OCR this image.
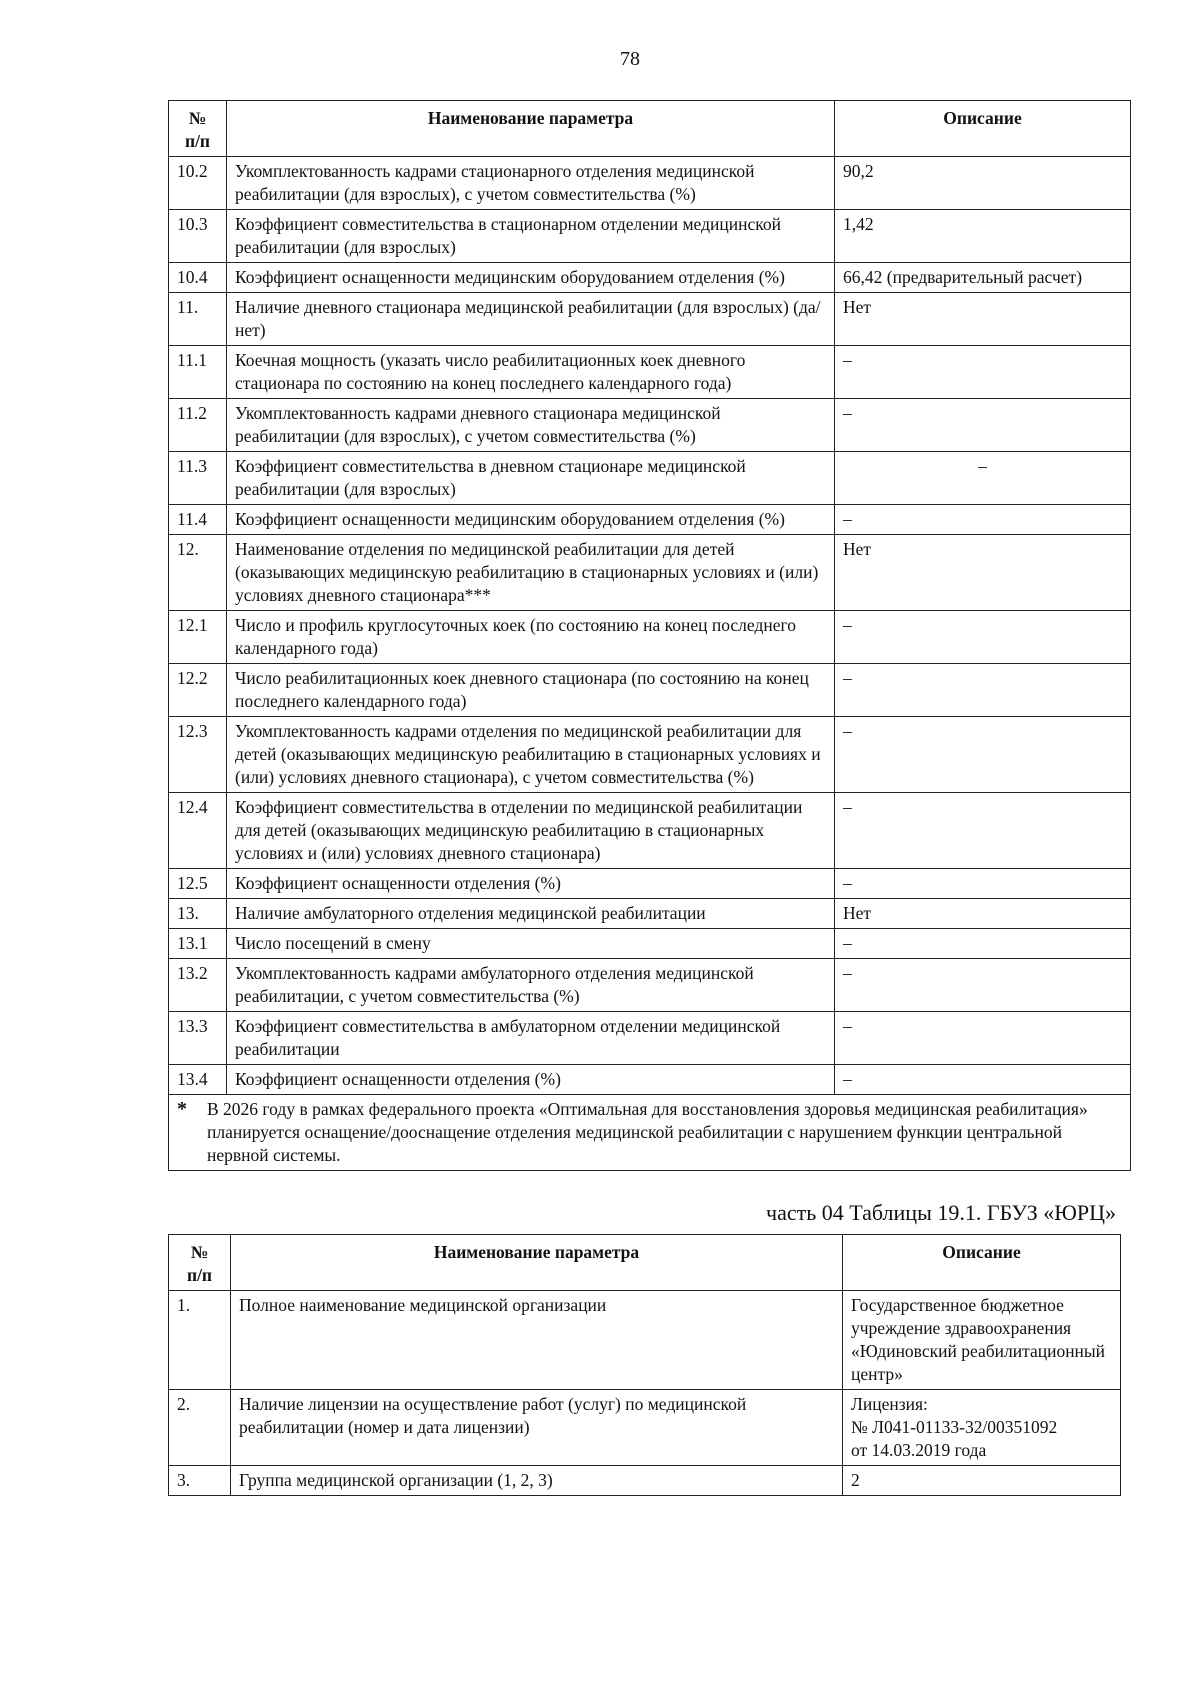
78
№
п/п	Наименование параметра	Описание
10.2	Укомплектованность кадрами стационарного отделения медицинской реабилитации (для взрослых), с учетом совместительства (%)	90,2
10.3	Коэффициент совместительства в стационарном отделении медицинской реабилитации (для взрослых)	1,42
10.4	Коэффициент оснащенности медицинским оборудованием отделения (%)	66,42 (предварительный расчет)
11.	Наличие дневного стационара медицинской реабилитации (для взрослых) (да/нет)	Нет
11.1	Коечная мощность (указать число реабилитационных коек дневного стационара по состоянию на конец последнего календарного года)	–
11.2	Укомплектованность кадрами дневного стационара медицинской реабилитации (для взрослых), с учетом совместительства (%)	–
11.3	Коэффициент совместительства в дневном стационаре медицинской реабилитации (для взрослых)	–
11.4	Коэффициент оснащенности медицинским оборудованием отделения (%)	–
12.	Наименование отделения по медицинской реабилитации для детей (оказывающих медицинскую реабилитацию в стационарных условиях и (или) условиях дневного стационара***	Нет
12.1	Число и профиль круглосуточных коек (по состоянию на конец последнего календарного года)	–
12.2	Число реабилитационных коек дневного стационара (по состоянию на конец последнего календарного года)	–
12.3	Укомплектованность кадрами отделения по медицинской реабилитации для детей (оказывающих медицинскую реабилитацию в стационарных условиях и (или) условиях дневного стационара), с учетом совместительства (%)	–
12.4	Коэффициент совместительства в отделении по медицинской реабилитации для детей (оказывающих медицинскую реабилитацию в стационарных условиях и (или) условиях дневного стационара)	–
12.5	Коэффициент оснащенности отделения (%)	–
13.	Наличие амбулаторного отделения медицинской реабилитации	Нет
13.1	Число посещений в смену	–
13.2	Укомплектованность кадрами амбулаторного отделения медицинской реабилитации, с учетом совместительства (%)	–
13.3	Коэффициент совместительства в амбулаторном отделении медицинской реабилитации	–
13.4	Коэффициент оснащенности отделения (%)	–

* В 2026 году в рамках федерального проекта «Оптимальная для восстановления здоровья медицинская реабилитация» планируется оснащение/дооснащение отделения медицинской реабилитации с нарушением функции центральной нервной системы.		
часть 04 Таблицы 19.1. ГБУЗ «ЮРЦ»
№
п/п	Наименование параметра	Описание
1.	Полное наименование медицинской организации	Государственное бюджетное учреждение здравоохранения «Юдиновский реабилитационный центр»
2.	Наличие лицензии на осуществление работ (услуг) по медицинской реабилитации (номер и дата лицензии)	Лицензия:
№ Л041-01133-32/00351092
от 14.03.2019 года
3.	Группа медицинской организации (1, 2, 3)	2
